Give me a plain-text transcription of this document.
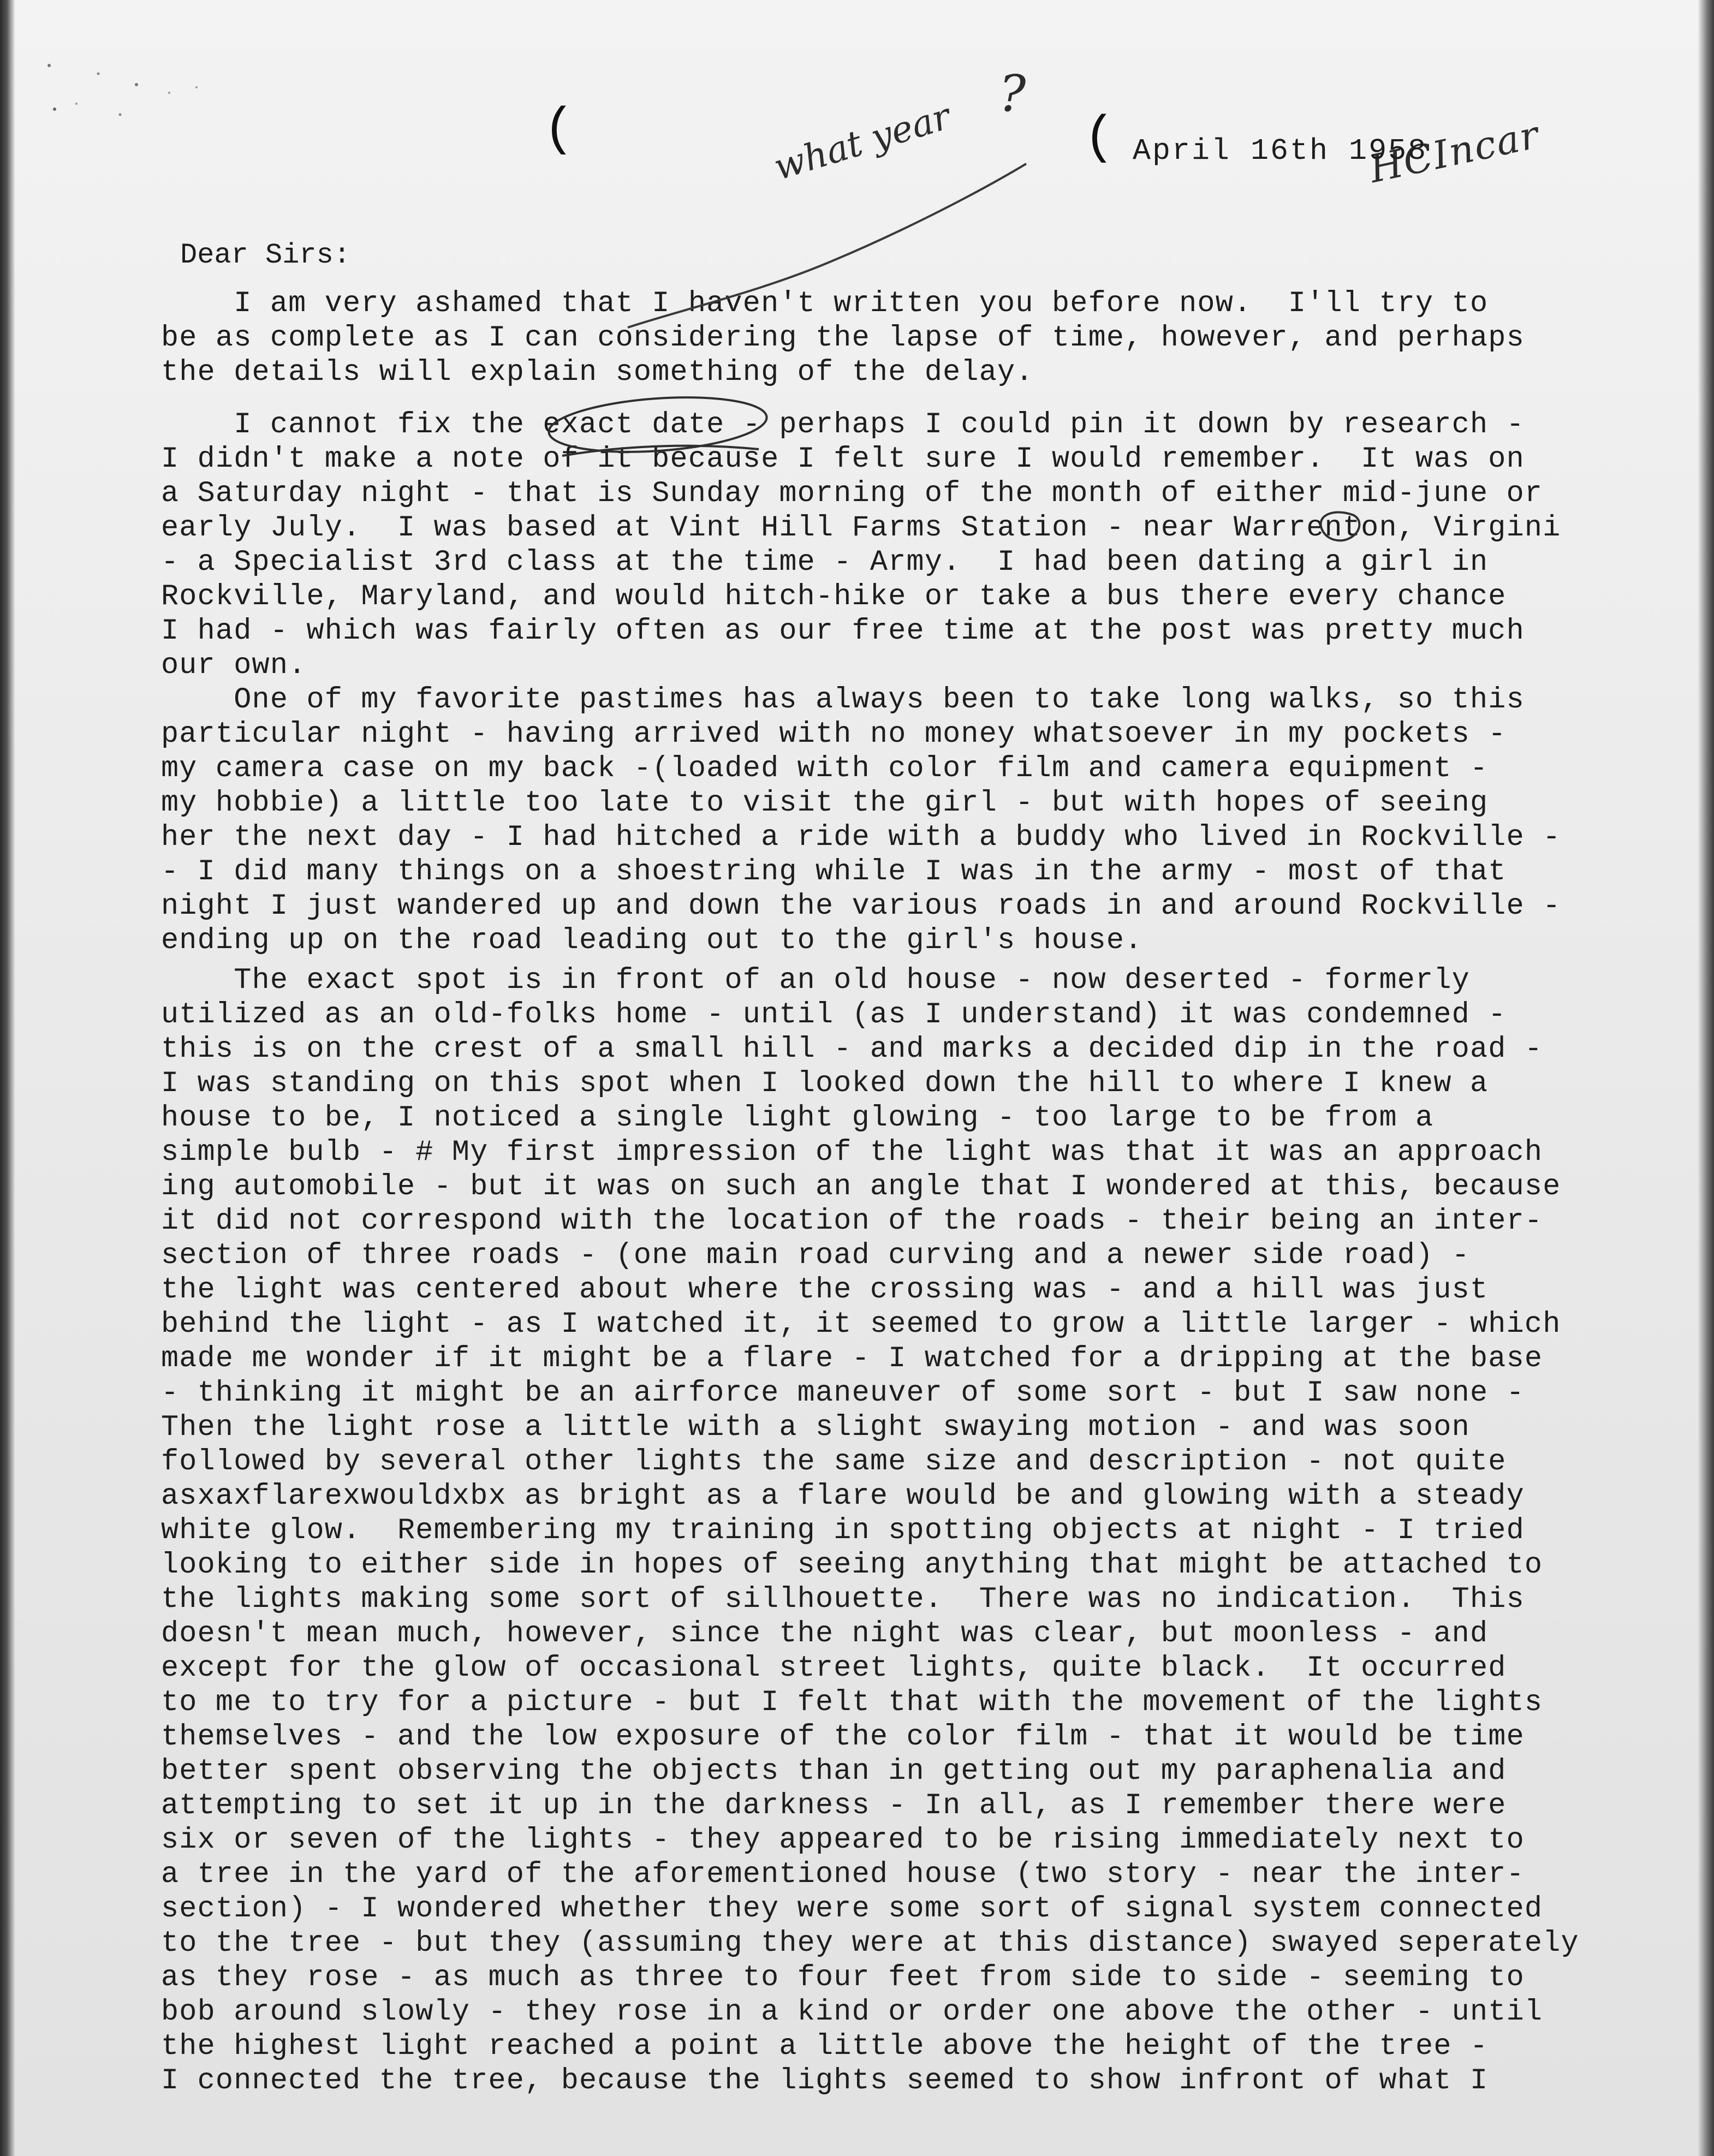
(	(
?
what year	HCIncar
April 16th 1958
Dear Sirs:
I am very ashamed that I haven't written you before now.  I'll try to
be as complete as I can considering the lapse of time, however, and perhaps
the details will explain something of the delay.
I cannot fix the exact date - perhaps I could pin it down by research -
I didn't make a note of it because I felt sure I would remember.  It was on
a Saturday night - that is Sunday morning of the month of either mid-june or
early July.  I was based at Vint Hill Farms Station - near Warrenton, Virgini
- a Specialist 3rd class at the time - Army.  I had been dating a girl in
Rockville, Maryland, and would hitch-hike or take a bus there every chance
I had - which was fairly often as our free time at the post was pretty much
our own.
One of my favorite pastimes has always been to take long walks, so this
particular night - having arrived with no money whatsoever in my pockets -
my camera case on my back -(loaded with color film and camera equipment -
my hobbie) a little too late to visit the girl - but with hopes of seeing
her the next day - I had hitched a ride with a buddy who lived in Rockville -
- I did many things on a shoestring while I was in the army - most of that
night I just wandered up and down the various roads in and around Rockville -
ending up on the road leading out to the girl's house.
The exact spot is in front of an old house - now deserted - formerly
utilized as an old-folks home - until (as I understand) it was condemned -
this is on the crest of a small hill - and marks a decided dip in the road -
I was standing on this spot when I looked down the hill to where I knew a
house to be, I noticed a single light glowing - too large to be from a
simple bulb - # My first impression of the light was that it was an approach
ing automobile - but it was on such an angle that I wondered at this, because
it did not correspond with the location of the roads - their being an inter-
section of three roads - (one main road curving and a newer side road) -
the light was centered about where the crossing was - and a hill was just
behind the light - as I watched it, it seemed to grow a little larger - which
made me wonder if it might be a flare - I watched for a dripping at the base
- thinking it might be an airforce maneuver of some sort - but I saw none -
Then the light rose a little with a slight swaying motion - and was soon
followed by several other lights the same size and description - not quite
asxaxflarexwouldxbx as bright as a flare would be and glowing with a steady
white glow.  Remembering my training in spotting objects at night - I tried
looking to either side in hopes of seeing anything that might be attached to
the lights making some sort of sillhouette.  There was no indication.  This
doesn't mean much, however, since the night was clear, but moonless - and
except for the glow of occasional street lights, quite black.  It occurred
to me to try for a picture - but I felt that with the movement of the lights
themselves - and the low exposure of the color film - that it would be time
better spent observing the objects than in getting out my paraphenalia and
attempting to set it up in the darkness - In all, as I remember there were
six or seven of the lights - they appeared to be rising immediately next to
a tree in the yard of the aforementioned house (two story - near the inter-
section) - I wondered whether they were some sort of signal system connected
to the tree - but they (assuming they were at this distance) swayed seperately
as they rose - as much as three to four feet from side to side - seeming to
bob around slowly - they rose in a kind or order one above the other - until
the highest light reached a point a little above the height of the tree -
I connected the tree, because the lights seemed to show infront of what I
